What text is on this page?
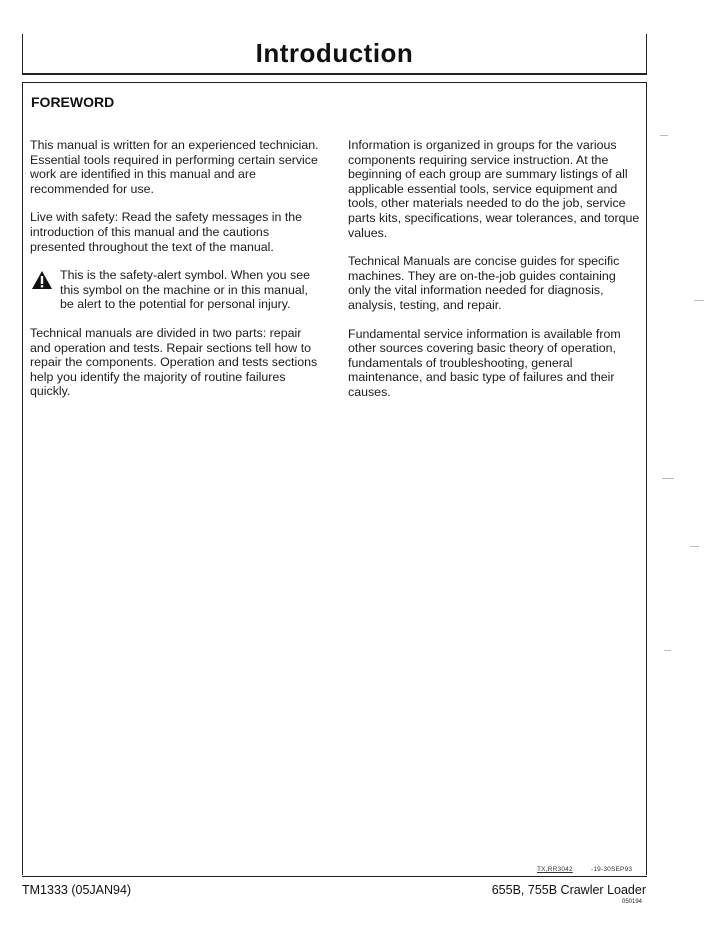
Introduction
FOREWORD

This manual is written for an experienced technician. Essential tools required in performing certain service work are identified in this manual and are recommended for use.

Live with safety: Read the safety messages in the introduction of this manual and the cautions presented throughout the text of the manual.

This is the safety-alert symbol. When you see this symbol on the machine or in this manual, be alert to the potential for personal injury.

Technical manuals are divided in two parts: repair and operation and tests. Repair sections tell how to repair the components. Operation and tests sections help you identify the majority of routine failures quickly.

Information is organized in groups for the various components requiring service instruction. At the beginning of each group are summary listings of all applicable essential tools, service equipment and tools, other materials needed to do the job, service parts kits, specifications, wear tolerances, and torque values.

Technical Manuals are concise guides for specific machines. They are on-the-job guides containing only the vital information needed for diagnosis, analysis, testing, and repair.

Fundamental service information is available from other sources covering basic theory of operation, fundamentals of troubleshooting, general maintenance, and basic type of failures and their causes.

TX,RR3042	-19-30SEP93
TM1333 (05JAN94)	655B, 755B Crawler Loader
050194
